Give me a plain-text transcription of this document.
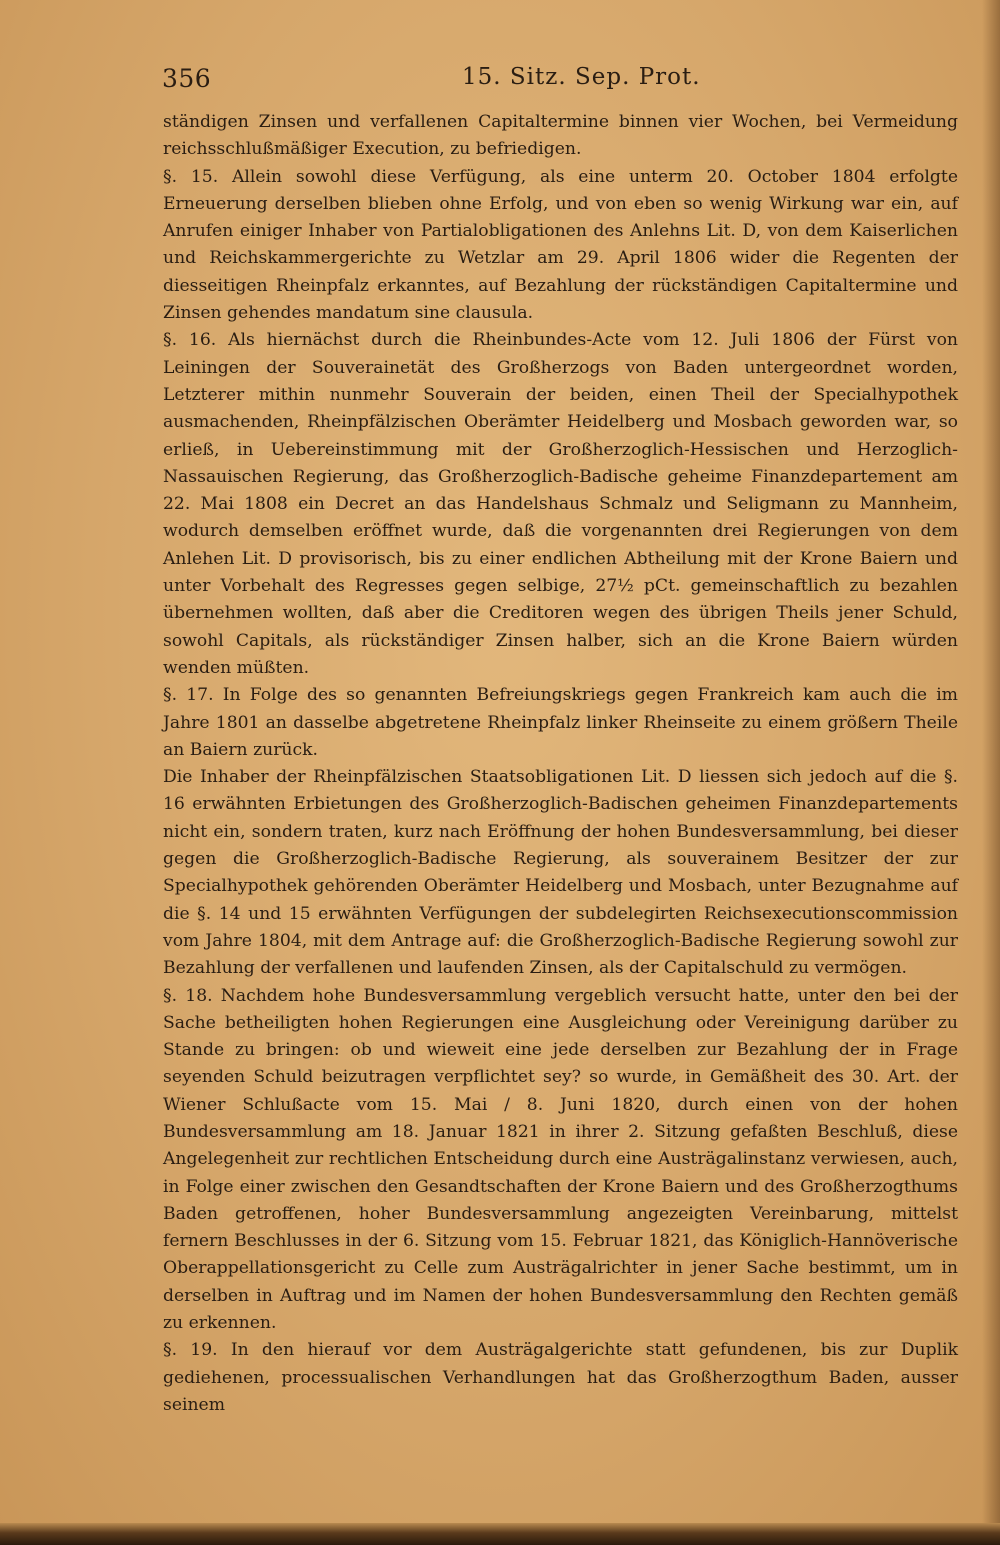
356	15. Sitz. Sep. Prot.

ständigen Zinsen und verfallenen Capitaltermine binnen vier Wochen, bei Vermeidung reichsschlußmäßiger Execution, zu befriedigen.

§. 15. Allein sowohl diese Verfügung, als eine unterm 20. October 1804 erfolgte Erneuerung derselben blieben ohne Erfolg, und von eben so wenig Wirkung war ein, auf Anrufen einiger Inhaber von Partialobligationen des Anlehns Lit. D, von dem Kaiserlichen und Reichskammergerichte zu Wetzlar am 29. April 1806 wider die Regenten der diesseitigen Rheinpfalz erkanntes, auf Bezahlung der rückständigen Capitaltermine und Zinsen gehendes mandatum sine clausula.

§. 16. Als hiernächst durch die Rheinbundes-Acte vom 12. Juli 1806 der Fürst von Leiningen der Souverainetät des Großherzogs von Baden untergeordnet worden, Letzterer mithin nunmehr Souverain der beiden, einen Theil der Specialhypothek ausmachenden, Rheinpfälzischen Oberämter Heidelberg und Mosbach geworden war, so erließ, in Uebereinstimmung mit der Großherzoglich-Hessischen und Herzoglich-Nassauischen Regierung, das Großherzoglich-Badische geheime Finanzdepartement am 22. Mai 1808 ein Decret an das Handelshaus Schmalz und Seligmann zu Mannheim, wodurch demselben eröffnet wurde, daß die vorgenannten drei Regierungen von dem Anlehen Lit. D provisorisch, bis zu einer endlichen Abtheilung mit der Krone Baiern und unter Vorbehalt des Regresses gegen selbige, 27½ pCt. gemeinschaftlich zu bezahlen übernehmen wollten, daß aber die Creditoren wegen des übrigen Theils jener Schuld, sowohl Capitals, als rückständiger Zinsen halber, sich an die Krone Baiern würden wenden müßten.

§. 17. In Folge des so genannten Befreiungskriegs gegen Frankreich kam auch die im Jahre 1801 an dasselbe abgetretene Rheinpfalz linker Rheinseite zu einem größern Theile an Baiern zurück.

Die Inhaber der Rheinpfälzischen Staatsobligationen Lit. D liessen sich jedoch auf die §. 16 erwähnten Erbietungen des Großherzoglich-Badischen geheimen Finanzdepartements nicht ein, sondern traten, kurz nach Eröffnung der hohen Bundesversammlung, bei dieser gegen die Großherzoglich-Badische Regierung, als souverainem Besitzer der zur Specialhypothek gehörenden Oberämter Heidelberg und Mosbach, unter Bezugnahme auf die §. 14 und 15 erwähnten Verfügungen der subdelegirten Reichsexecutionscommission vom Jahre 1804, mit dem Antrage auf: die Großherzoglich-Badische Regierung sowohl zur Bezahlung der verfallenen und laufenden Zinsen, als der Capitalschuld zu vermögen.

§. 18. Nachdem hohe Bundesversammlung vergeblich versucht hatte, unter den bei der Sache betheiligten hohen Regierungen eine Ausgleichung oder Vereinigung darüber zu Stande zu bringen: ob und wieweit eine jede derselben zur Bezahlung der in Frage seyenden Schuld beizutragen verpflichtet sey? so wurde, in Gemäßheit des 30. Art. der Wiener Schlußacte vom 15. Mai / 8. Juni 1820, durch einen von der hohen Bundesversammlung am 18. Januar 1821 in ihrer 2. Sitzung gefaßten Beschluß, diese Angelegenheit zur rechtlichen Entscheidung durch eine Austrägalinstanz verwiesen, auch, in Folge einer zwischen den Gesandtschaften der Krone Baiern und des Großherzogthums Baden getroffenen, hoher Bundesversammlung angezeigten Vereinbarung, mittelst fernern Beschlusses in der 6. Sitzung vom 15. Februar 1821, das Königlich-Hannöverische Oberappellationsgericht zu Celle zum Austrägalrichter in jener Sache bestimmt, um in derselben in Auftrag und im Namen der hohen Bundesversammlung den Rechten gemäß zu erkennen.

§. 19. In den hierauf vor dem Austrägalgerichte statt gefundenen, bis zur Duplik gediehenen, processualischen Verhandlungen hat das Großherzogthum Baden, ausser seinem
